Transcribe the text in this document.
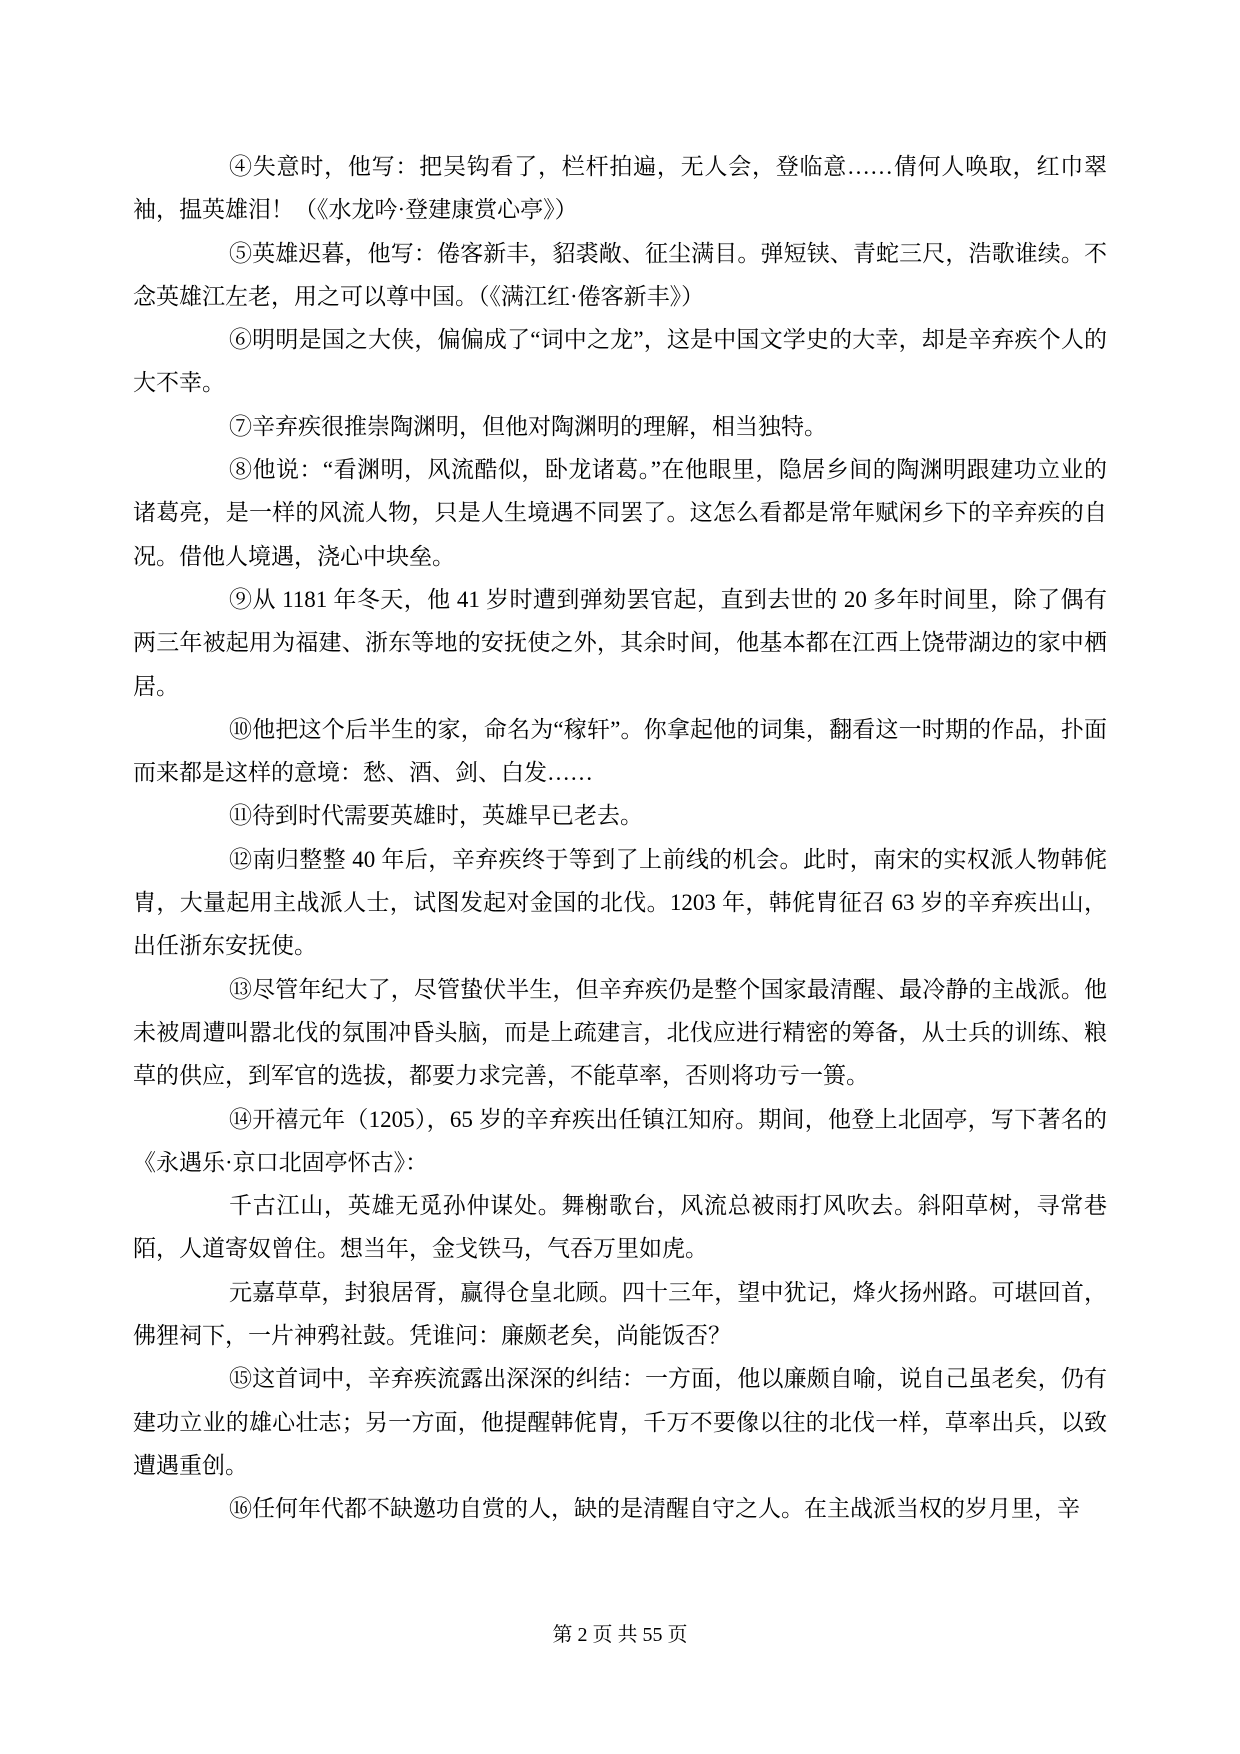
④失意时，他写：把吴钩看了，栏杆拍遍，无人会，登临意……倩何人唤取，红巾翠袖，揾英雄泪！（《水龙吟·登建康赏心亭》）

⑤英雄迟暮，他写：倦客新丰，貂裘敞、征尘满目。弹短铗、青蛇三尺，浩歌谁续。不念英雄江左老，用之可以尊中国。（《满江红·倦客新丰》）

⑥明明是国之大侠，偏偏成了“词中之龙”，这是中国文学史的大幸，却是辛弃疾个人的大不幸。

⑦辛弃疾很推崇陶渊明，但他对陶渊明的理解，相当独特。

⑧他说：“看渊明，风流酷似，卧龙诸葛。”在他眼里，隐居乡间的陶渊明跟建功立业的诸葛亮，是一样的风流人物，只是人生境遇不同罢了。这怎么看都是常年赋闲乡下的辛弃疾的自况。借他人境遇，浇心中块垒。

⑨从 1181 年冬天，他 41 岁时遭到弹劾罢官起，直到去世的 20 多年时间里，除了偶有两三年被起用为福建、浙东等地的安抚使之外，其余时间，他基本都在江西上饶带湖边的家中栖居。

⑩他把这个后半生的家，命名为“稼轩”。你拿起他的词集，翻看这一时期的作品，扑面而来都是这样的意境：愁、酒、剑、白发……

⑪待到时代需要英雄时，英雄早已老去。

⑫南归整整 40 年后，辛弃疾终于等到了上前线的机会。此时，南宋的实权派人物韩侂胄，大量起用主战派人士，试图发起对金国的北伐。1203 年，韩侂胄征召 63 岁的辛弃疾出山，出任浙东安抚使。

⑬尽管年纪大了，尽管蛰伏半生，但辛弃疾仍是整个国家最清醒、最冷静的主战派。他未被周遭叫嚣北伐的氛围冲昏头脑，而是上疏建言，北伐应进行精密的筹备，从士兵的训练、粮草的供应，到军官的选拔，都要力求完善，不能草率，否则将功亏一篑。

⑭开禧元年（1205），65 岁的辛弃疾出任镇江知府。期间，他登上北固亭，写下著名的《永遇乐·京口北固亭怀古》：

千古江山，英雄无觅孙仲谋处。舞榭歌台，风流总被雨打风吹去。斜阳草树，寻常巷陌，人道寄奴曾住。想当年，金戈铁马，气吞万里如虎。

元嘉草草，封狼居胥，赢得仓皇北顾。四十三年，望中犹记，烽火扬州路。可堪回首，佛狸祠下，一片神鸦社鼓。凭谁问：廉颇老矣，尚能饭否？

⑮这首词中，辛弃疾流露出深深的纠结：一方面，他以廉颇自喻，说自己虽老矣，仍有建功立业的雄心壮志；另一方面，他提醒韩侂胄，千万不要像以往的北伐一样，草率出兵，以致遭遇重创。

⑯任何年代都不缺邀功自赏的人，缺的是清醒自守之人。在主战派当权的岁月里，辛

第 2 页 共 55 页
